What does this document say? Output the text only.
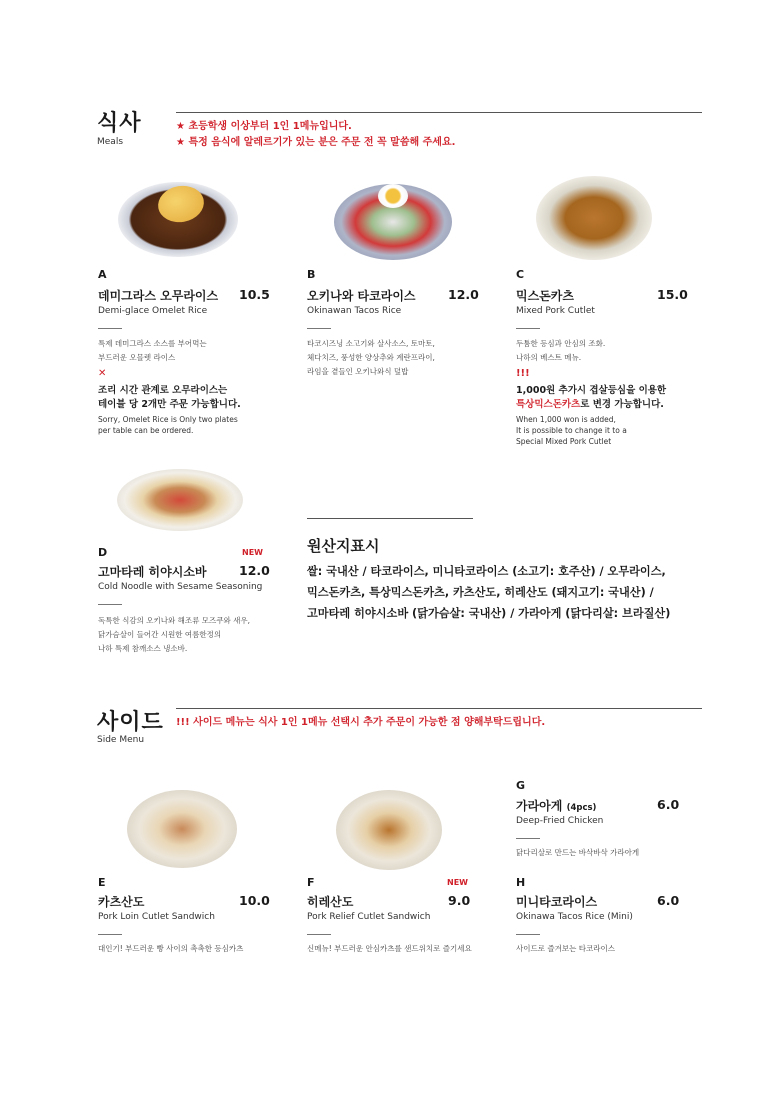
식사
Meals
★ 초등학생 이상부터 1인 1메뉴입니다.
★ 특정 음식에 알레르기가 있는 분은 주문 전 꼭 말씀해 주세요.
A
데미그라스 오무라이스 10.5
Demi-glace Omelet Rice
특제 데미그라스 소스를 부어먹는
부드러운 오믈렛 라이스
✕
조리 시간 관계로 오무라이스는
테이블 당 2개만 주문 가능합니다.
Sorry, Omelet Rice is Only two plates
per table can be ordered.
B
오키나와 타코라이스	12.0
Okinawan Tacos Rice
타코시즈닝 소고기와 살사소스, 토마토,
체다치즈, 풍성한 양상추와 계란프라이,
라임을 곁들인 오키나와식 덮밥
C
믹스돈카츠	15.0
Mixed Pork Cutlet
두툼한 등심과 안심의 조화.
나하의 베스트 메뉴.
!!!
1,000원 추가시 겹살등심을 이용한
특상믹스돈카츠로 변경 가능합니다.
When 1,000 won is added,
It is possible to change it to a
Special Mixed Pork Cutlet
D	NEW
고마타레 히야시소바	12.0
Cold Noodle with Sesame Seasoning
독특한 식감의 오키나와 해조류 모즈쿠와 새우,
닭가슴살이 들어간 시원한 여름한정의
나하 특제 참깨소스 냉소바.
원산지표시
쌀: 국내산 / 타코라이스, 미니타코라이스 (소고기: 호주산) / 오무라이스,
믹스돈카츠, 특상믹스돈카츠, 카츠산도, 히레산도 (돼지고기: 국내산) /
고마타레 히야시소바 (닭가슴살: 국내산) / 가라아게 (닭다리살: 브라질산)
사이드
Side Menu
!!! 사이드 메뉴는 식사 1인 1메뉴 선택시 추가 주문이 가능한 점 양해부탁드립니다.
E
카츠산도	10.0
Pork Loin Cutlet Sandwich
대인기! 부드러운 빵 사이의 촉촉한 등심카츠
F	NEW
히레산도	9.0
Pork Relief Cutlet Sandwich
신메뉴! 부드러운 안심카츠를 샌드위치로 즐기세요
G
가라아게 (4pcs)	6.0
Deep-Fried Chicken
닭다리살로 만드는 바삭바삭 가라아게
H
미니타코라이스	6.0
Okinawa Tacos Rice (Mini)
사이드로 즐겨보는 타코라이스
